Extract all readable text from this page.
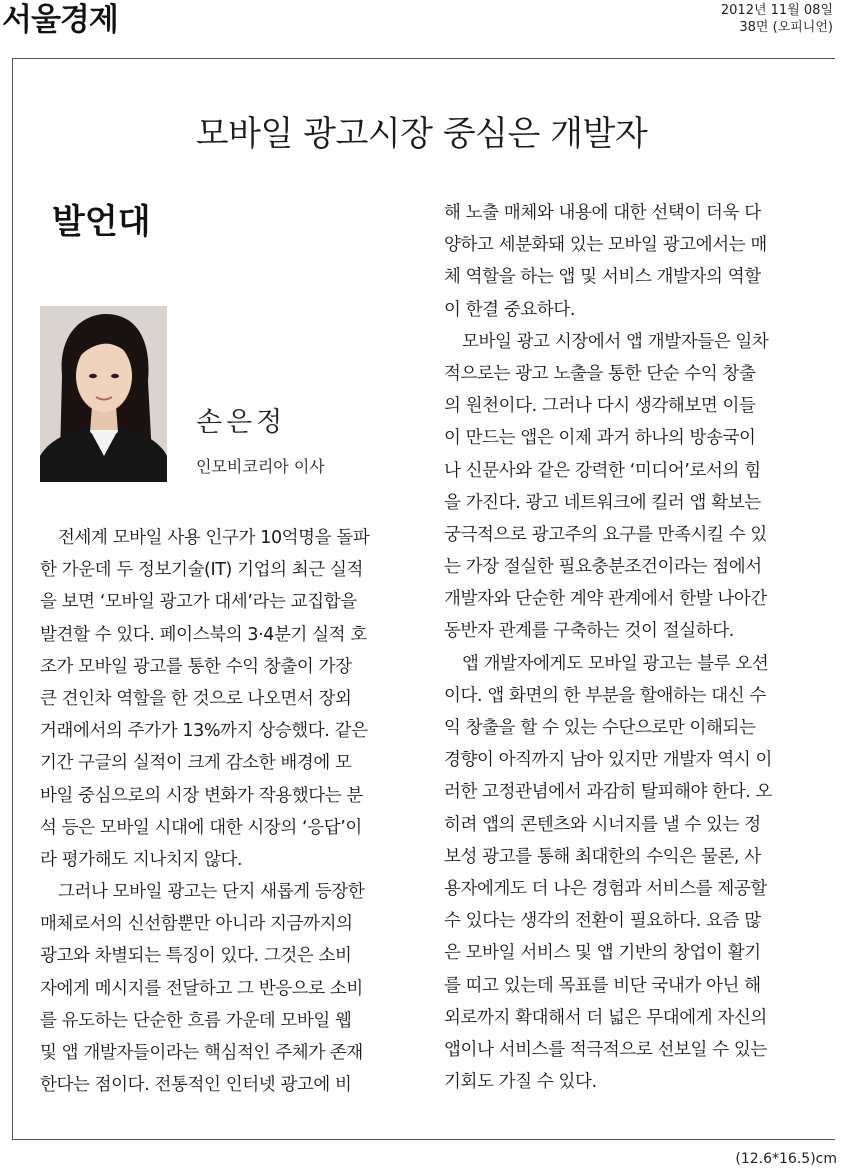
서울경제	2012년 11월 08일
38면 (오피니언)
모바일 광고시장 중심은 개발자
발언대
손은정
인모비코리아 이사
전세계 모바일 사용 인구가 10억명을 돌파
한 가운데 두 정보기술(IT) 기업의 최근 실적
을 보면 ‘모바일 광고가 대세’라는 교집합을
발견할 수 있다. 페이스북의 3·4분기 실적 호
조가 모바일 광고를 통한 수익 창출이 가장
큰 견인차 역할을 한 것으로 나오면서 장외
거래에서의 주가가 13%까지 상승했다. 같은
기간 구글의 실적이 크게 감소한 배경에 모
바일 중심으로의 시장 변화가 작용했다는 분
석 등은 모바일 시대에 대한 시장의 ‘응답’이
라 평가해도 지나치지 않다.
그러나 모바일 광고는 단지 새롭게 등장한
매체로서의 신선함뿐만 아니라 지금까지의
광고와 차별되는 특징이 있다. 그것은 소비
자에게 메시지를 전달하고 그 반응으로 소비
를 유도하는 단순한 흐름 가운데 모바일 웹
및 앱 개발자들이라는 핵심적인 주체가 존재
한다는 점이다. 전통적인 인터넷 광고에 비
해 노출 매체와 내용에 대한 선택이 더욱 다
양하고 세분화돼 있는 모바일 광고에서는 매
체 역할을 하는 앱 및 서비스 개발자의 역할
이 한결 중요하다.
모바일 광고 시장에서 앱 개발자들은 일차
적으로는 광고 노출을 통한 단순 수익 창출
의 원천이다. 그러나 다시 생각해보면 이들
이 만드는 앱은 이제 과거 하나의 방송국이
나 신문사와 같은 강력한 ‘미디어’로서의 힘
을 가진다. 광고 네트워크에 킬러 앱 확보는
궁극적으로 광고주의 요구를 만족시킬 수 있
는 가장 절실한 필요충분조건이라는 점에서
개발자와 단순한 계약 관계에서 한발 나아간
동반자 관계를 구축하는 것이 절실하다.
앱 개발자에게도 모바일 광고는 블루 오션
이다. 앱 화면의 한 부분을 할애하는 대신 수
익 창출을 할 수 있는 수단으로만 이해되는
경향이 아직까지 남아 있지만 개발자 역시 이
러한 고정관념에서 과감히 탈피해야 한다. 오
히려 앱의 콘텐츠와 시너지를 낼 수 있는 정
보성 광고를 통해 최대한의 수익은 물론, 사
용자에게도 더 나은 경험과 서비스를 제공할
수 있다는 생각의 전환이 필요하다. 요즘 많
은 모바일 서비스 및 앱 기반의 창업이 활기
를 띠고 있는데 목표를 비단 국내가 아닌 해
외로까지 확대해서 더 넓은 무대에게 자신의
앱이나 서비스를 적극적으로 선보일 수 있는
기회도 가질 수 있다.
(12.6*16.5)cm
